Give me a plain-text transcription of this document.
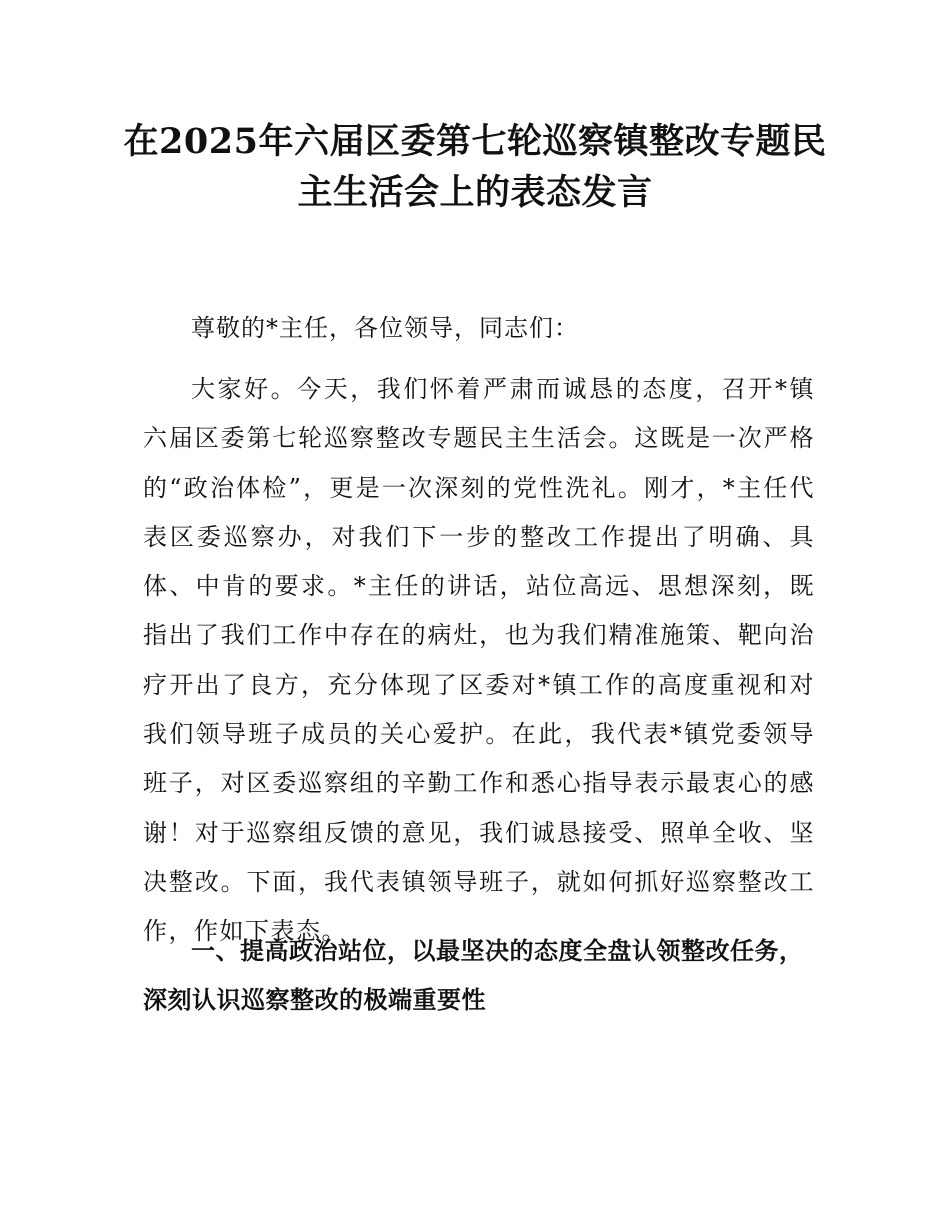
在2025年六届区委第七轮巡察镇整改专题民主生活会上的表态发言

尊敬的*主任，各位领导，同志们：

大家好。今天，我们怀着严肃而诚恳的态度，召开*镇六届区委第七轮巡察整改专题民主生活会。这既是一次严格的“政治体检”，更是一次深刻的党性洗礼。刚才，*主任代表区委巡察办，对我们下一步的整改工作提出了明确、具体、中肯的要求。*主任的讲话，站位高远、思想深刻，既指出了我们工作中存在的病灶，也为我们精准施策、靶向治疗开出了良方，充分体现了区委对*镇工作的高度重视和对我们领导班子成员的关心爱护。在此，我代表*镇党委领导班子，对区委巡察组的辛勤工作和悉心指导表示最衷心的感谢！对于巡察组反馈的意见，我们诚恳接受、照单全收、坚决整改。下面，我代表镇领导班子，就如何抓好巡察整改工作，作如下表态。

一、提高政治站位，以最坚决的态度全盘认领整改任务，深刻认识巡察整改的极端重要性
